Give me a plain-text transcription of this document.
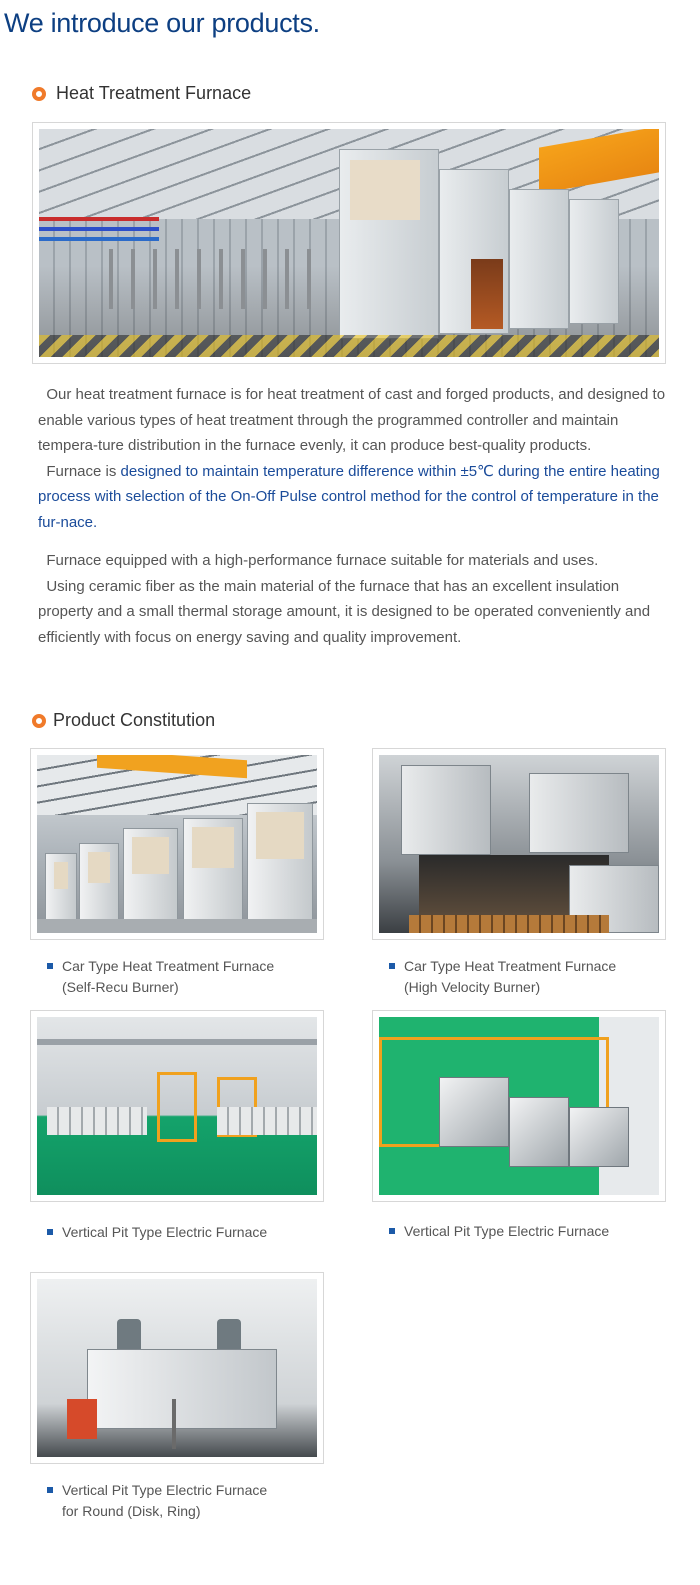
We introduce our products.
Heat Treatment Furnace

Our heat treatment furnace is for heat treatment of cast and forged products, and designed to enable various types of heat treatment through the programmed controller and maintain tempera-ture distribution in the furnace evenly, it can produce best-quality products.
Furnace is designed to maintain temperature difference within ±5℃ during the entire heating process with selection of the On-Off Pulse control method for the control of temperature in the fur-nace.

Furnace equipped with a high-performance furnace suitable for materials and uses.
Using ceramic fiber as the main material of the furnace that has an excellent insulation property and a small thermal storage amount, it is designed to be operated conveniently and efficiently with focus on energy saving and quality improvement.

Product Constitution
Car Type Heat Treatment Furnace
(Self-Recu Burner)
Car Type Heat Treatment Furnace
(High Velocity Burner)
Vertical Pit Type Electric Furnace	Vertical Pit Type Electric Furnace
Vertical Pit Type Electric Furnace
for Round (Disk, Ring)
